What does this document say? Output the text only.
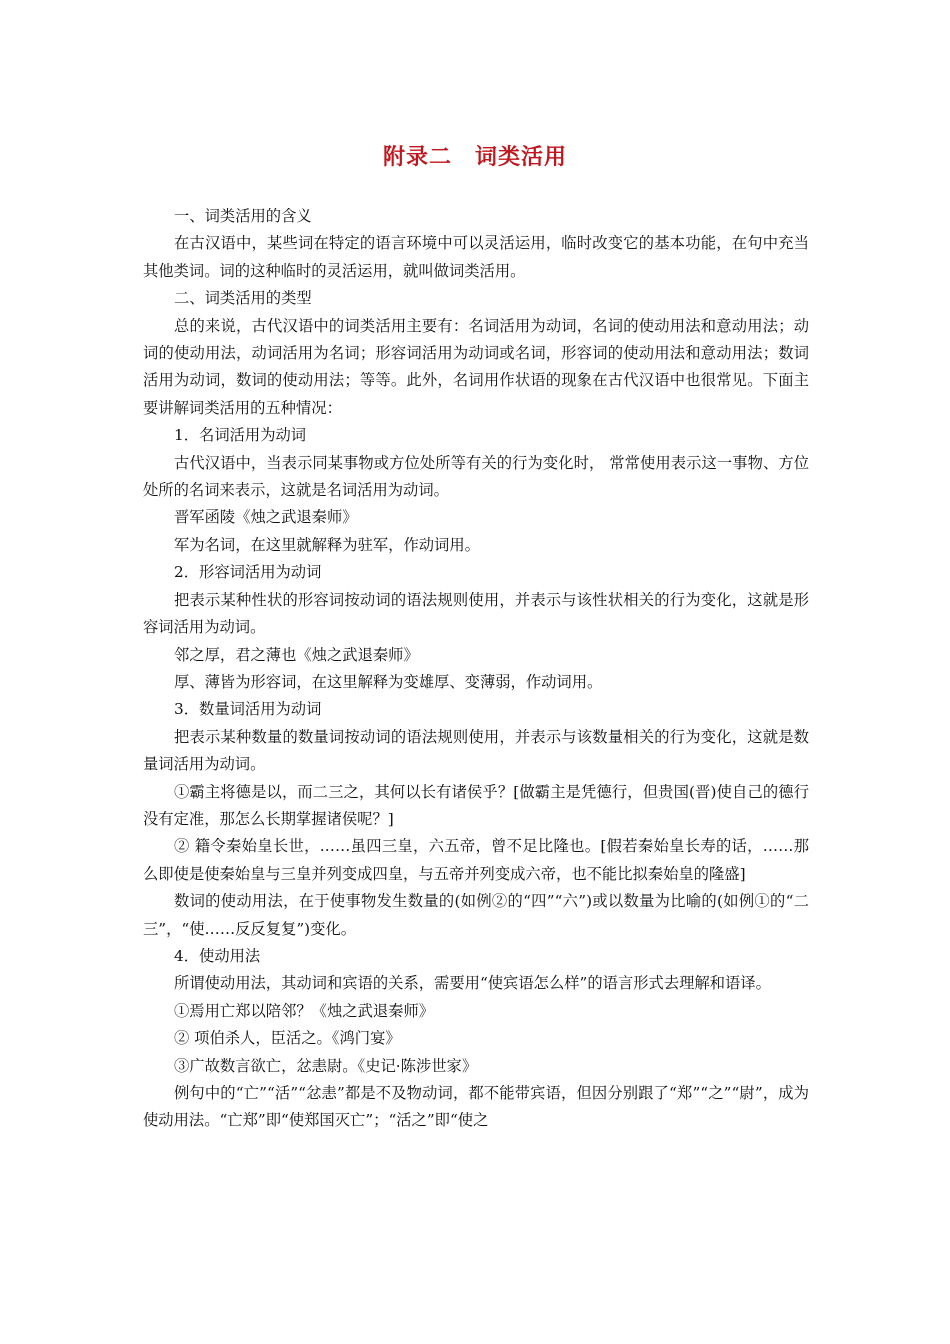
附录二　词类活用

一、词类活用的含义

在古汉语中，某些词在特定的语言环境中可以灵活运用，临时改变它的基本功能，在句中充当其他类词。词的这种临时的灵活运用，就叫做词类活用。

二、词类活用的类型

总的来说，古代汉语中的词类活用主要有：名词活用为动词，名词的使动用法和意动用法；动词的使动用法，动词活用为名词；形容词活用为动词或名词，形容词的使动用法和意动用法；数词活用为动词，数词的使动用法；等等。此外，名词用作状语的现象在古代汉语中也很常见。下面主要讲解词类活用的五种情况：

1．名词活用为动词

古代汉语中，当表示同某事物或方位处所等有关的行为变化时， 常常使用表示这一事物、方位处所的名词来表示，这就是名词活用为动词。

晋军函陵《烛之武退秦师》

军为名词，在这里就解释为驻军，作动词用。

2．形容词活用为动词

把表示某种性状的形容词按动词的语法规则使用，并表示与该性状相关的行为变化，这就是形容词活用为动词。

邻之厚，君之薄也《烛之武退秦师》

厚、薄皆为形容词，在这里解释为变雄厚、变薄弱，作动词用。

3．数量词活用为动词

把表示某种数量的数量词按动词的语法规则使用，并表示与该数量相关的行为变化，这就是数量词活用为动词。

①霸主将德是以，而二三之，其何以长有诸侯乎？[做霸主是凭德行，但贵国(晋)使自己的德行没有定准，那怎么长期掌握诸侯呢？]

② 籍令秦始皇长世，……虽四三皇，六五帝，曾不足比隆也。[假若秦始皇长寿的话，……那么即使是使秦始皇与三皇并列变成四皇，与五帝并列变成六帝，也不能比拟秦始皇的隆盛]

数词的使动用法，在于使事物发生数量的(如例②的“四”“六”)或以数量为比喻的(如例①的“二三”，“使……反反复复”)变化。

4．使动用法

所谓使动用法，其动词和宾语的关系，需要用“使宾语怎么样”的语言形式去理解和语译。

①焉用亡郑以陪邻？《烛之武退秦师》

② 项伯杀人，臣活之。《鸿门宴》

③广故数言欲亡，忿恚尉。《史记·陈涉世家》

例句中的“亡”“活”“忿恚”都是不及物动词，都不能带宾语，但因分别跟了“郑”“之”“尉”，成为使动用法。“亡郑”即“使郑国灭亡”；“活之”即“使之
